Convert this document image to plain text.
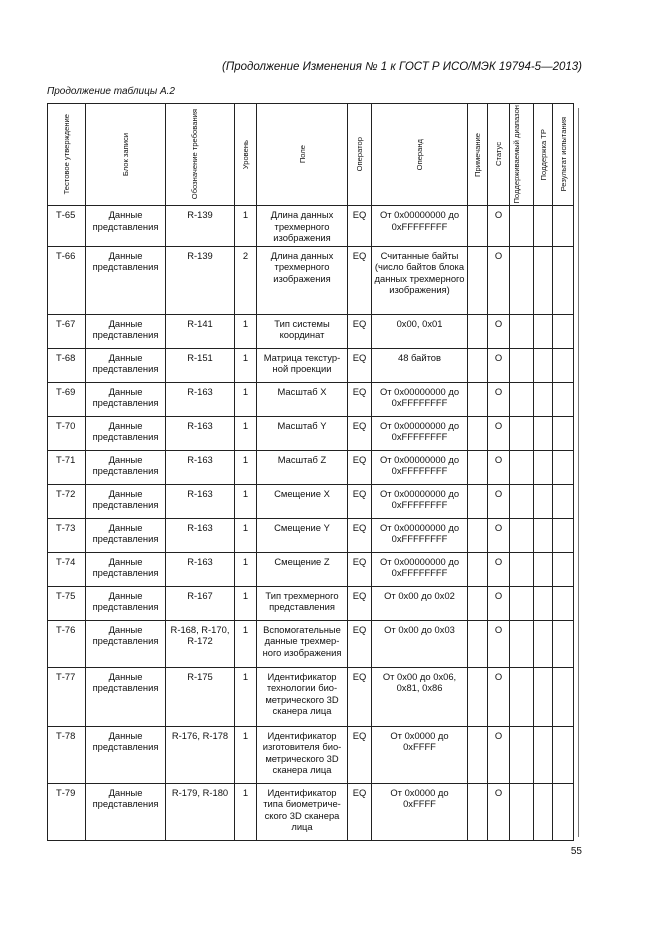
(Продолжение Изменения № 1 к ГОСТ Р ИСО/МЭК 19794-5—2013)
Продолжение таблицы А.2
Тестовое утверждение	Блок записи	Обозначение требования	Уровень	Поле	Оператор	Операнд	Примечание	Статус	Поддерживаемый диапазон	Поддержка TP	Результат испытания

Т-65	Данные представления	R-139	1	Длина данных трехмерного изображения	EQ	От 0x00000000 до 0xFFFFFFFF		O			
Т-66	Данные представления	R-139	2	Длина данных трехмерного изображения	EQ	Считанные байты (число байтов блока данных трехмерного изображения)		O			
Т-67	Данные представления	R-141	1	Тип системы координат	EQ	0x00, 0x01		O			
Т-68	Данные представления	R-151	1	Матрица текстур-ной проекции	EQ	48 байтов		O			
Т-69	Данные представления	R-163	1	Масштаб X	EQ	От 0x00000000 до 0xFFFFFFFF		O			
Т-70	Данные представления	R-163	1	Масштаб Y	EQ	От 0x00000000 до 0xFFFFFFFF		O			
Т-71	Данные представления	R-163	1	Масштаб Z	EQ	От 0x00000000 до 0xFFFFFFFF		O			
Т-72	Данные представления	R-163	1	Смещение X	EQ	От 0x00000000 до 0xFFFFFFFF		O			
Т-73	Данные представления	R-163	1	Смещение Y	EQ	От 0x00000000 до 0xFFFFFFFF		O			
Т-74	Данные представления	R-163	1	Смещение Z	EQ	От 0x00000000 до 0xFFFFFFFF		O			
Т-75	Данные представления	R-167	1	Тип трехмерного представления	EQ	От 0x00 до 0x02		O			
Т-76	Данные представления	R-168, R-170, R-172	1	Вспомогательные данные трехмер-ного изображения	EQ	От 0x00 до 0x03		O			
Т-77	Данные представления	R-175	1	Идентификатор технологии био-метрического 3D сканера лица	EQ	От 0x00 до 0x06, 0x81, 0x86		O			
Т-78	Данные представления	R-176, R-178	1	Идентификатор изготовителя био-метрического 3D сканера лица	EQ	От 0x0000 до 0xFFFF		O			
Т-79	Данные представления	R-179, R-180	1	Идентификатор типа биометриче-ского 3D сканера лица	EQ	От 0x0000 до 0xFFFF		O			
55
